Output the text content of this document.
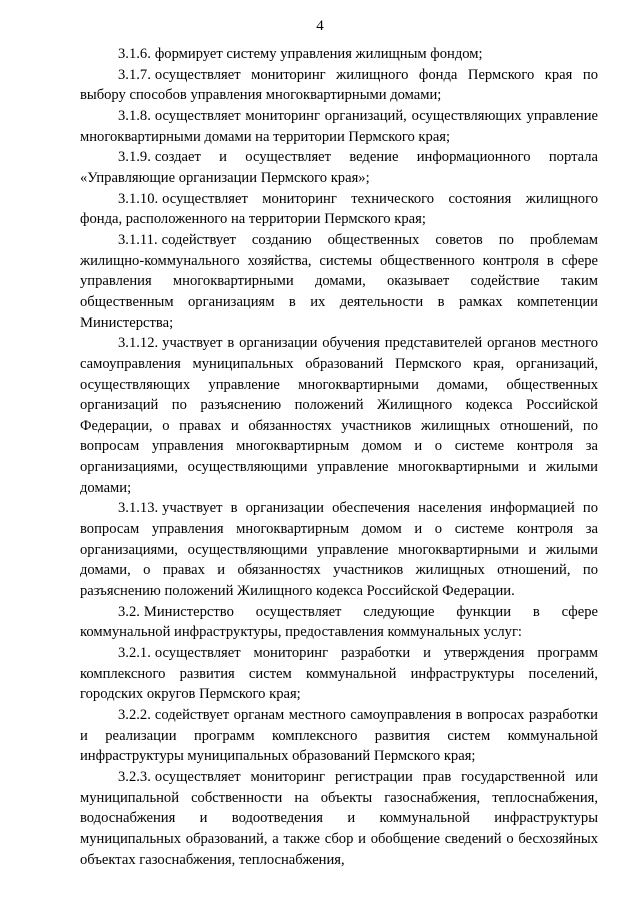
4

3.1.6. формирует систему управления жилищным фондом;

3.1.7. осуществляет мониторинг жилищного фонда Пермского края по выбору способов управления многоквартирными домами;

3.1.8. осуществляет мониторинг организаций, осуществляющих управление многоквартирными домами на территории Пермского края;

3.1.9. создает и осуществляет ведение информационного портала «Управляющие организации Пермского края»;

3.1.10. осуществляет мониторинг технического состояния жилищного фонда, расположенного на территории Пермского края;

3.1.11. содействует созданию общественных советов по проблемам жилищно-коммунального хозяйства, системы общественного контроля в сфере управления многоквартирными домами, оказывает содействие таким общественным организациям в их деятельности в рамках компетенции Министерства;

3.1.12. участвует в организации обучения представителей органов местного самоуправления муниципальных образований Пермского края, организаций, осуществляющих управление многоквартирными домами, общественных организаций по разъяснению положений Жилищного кодекса Российской Федерации, о правах и обязанностях участников жилищных отношений, по вопросам управления многоквартирным домом и о системе контроля за организациями, осуществляющими управление многоквартирными и жилыми домами;

3.1.13. участвует в организации обеспечения населения информацией по вопросам управления многоквартирным домом и о системе контроля за организациями, осуществляющими управление многоквартирными и жилыми домами, о правах и обязанностях участников жилищных отношений, по разъяснению положений Жилищного кодекса Российской Федерации.

3.2. Министерство осуществляет следующие функции в сфере коммунальной инфраструктуры, предоставления коммунальных услуг:

3.2.1. осуществляет мониторинг разработки и утверждения программ комплексного развития систем коммунальной инфраструктуры поселений, городских округов Пермского края;

3.2.2. содействует органам местного самоуправления в вопросах разработки и реализации программ комплексного развития систем коммунальной инфраструктуры муниципальных образований Пермского края;

3.2.3. осуществляет мониторинг регистрации прав государственной или муниципальной собственности на объекты газоснабжения, теплоснабжения, водоснабжения и водоотведения и коммунальной инфраструктуры муниципальных образований, а также сбор и обобщение сведений о бесхозяйных объектах газоснабжения, теплоснабжения,
